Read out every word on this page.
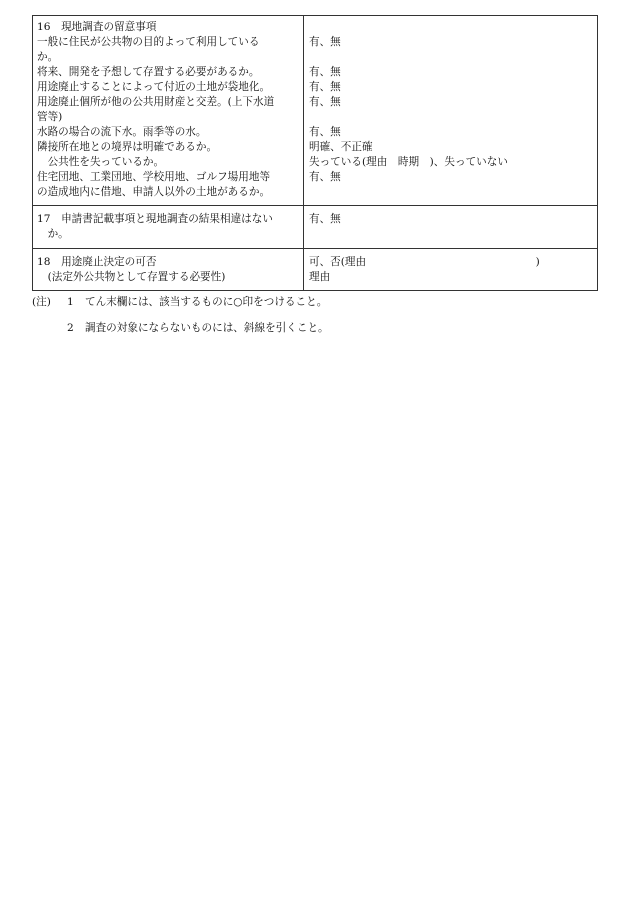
16　現地調査の留意事項
一般に住民が公共物の目的よって利用している
か。
将来、開発を予想して存置する必要があるか。
用途廃止することによって付近の土地が袋地化。
用途廃止個所が他の公共用財産と交差。(上下水道
管等)
水路の場合の流下水。雨季等の水。
隣接所在地との境界は明確であるか。
　公共性を失っているか。
住宅団地、工業団地、学校用地、ゴルフ場用地等
の造成地内に借地、申請人以外の土地があるか。
有、無
有、無
有、無
有、無
有、無
明確、不正確
失っている(理由　時期　)、失っていない
有、無
17　申請書記載事項と現地調査の結果相違はない
　か。
有、無
18　用途廃止決定の可否
　(法定外公共物として存置する必要性)
可、否(理由　　　　　　　　　　　　　　　　)
理由

(注)

1

てん末欄には、該当するものに○印をつけること。

2

調査の対象にならないものには、斜線を引くこと。
